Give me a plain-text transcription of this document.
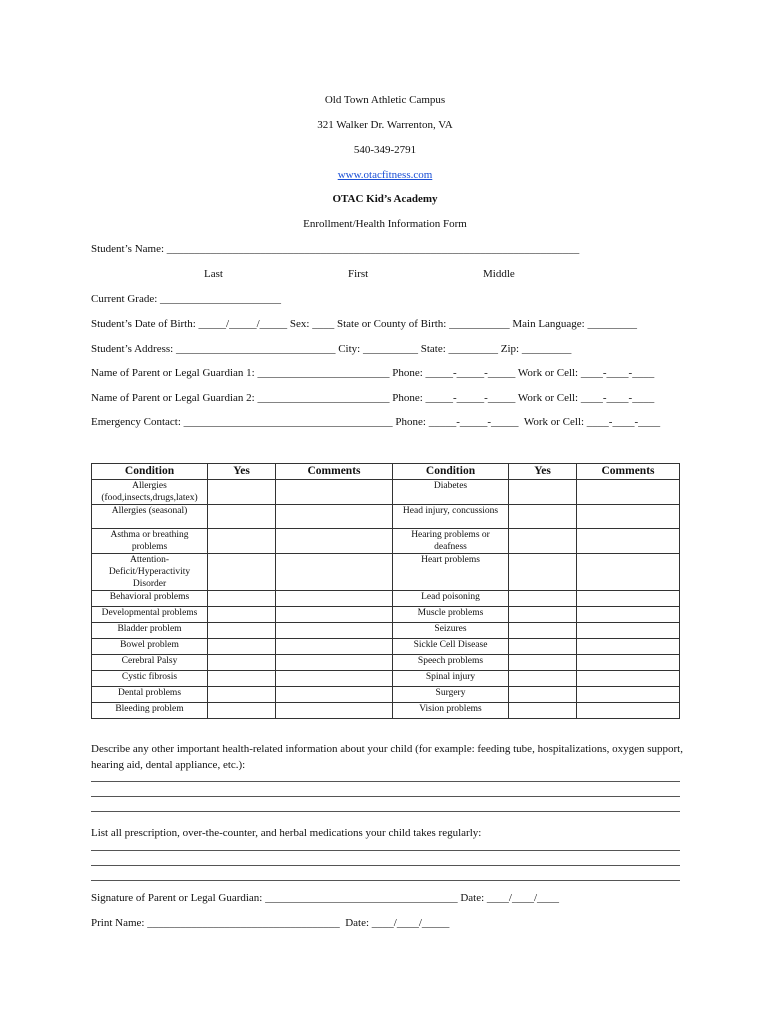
Old Town Athletic Campus
321 Walker Dr. Warrenton, VA
540-349-2791
www.otacfitness.com
OTAC Kid’s Academy
Enrollment/Health Information Form
Student’s Name: ___________________________________________________________________________
Last	First	Middle
Current Grade: ______________________
Student’s Date of Birth: _____/_____/_____ Sex: ____ State or County of Birth: ___________ Main Language: _________
Student’s Address: _____________________________ City: __________ State: _________ Zip: _________
Name of Parent or Legal Guardian 1: ________________________ Phone: _____-_____-_____ Work or Cell: ____-____-____
Name of Parent or Legal Guardian 2: ________________________ Phone: _____-_____-_____ Work or Cell: ____-____-____
Emergency Contact: ______________________________________ Phone: _____-_____-_____  Work or Cell: ____-____-____
Condition	Yes	Comments	Condition	Yes	Comments
Allergies (food,insects,drugs,latex)			Diabetes		
Allergies (seasonal)			Head injury, concussions		
Asthma or breathing problems			Hearing problems or deafness		
Attention-Deficit/Hyperactivity Disorder			Heart problems		
Behavioral problems			Lead poisoning		
Developmental problems			Muscle problems		
Bladder problem			Seizures		
Bowel problem			Sickle Cell Disease		
Cerebral Palsy			Speech problems		
Cystic fibrosis			Spinal injury		
Dental problems			Surgery		
Bleeding problem			Vision problems		
Describe any other important health-related information about your child (for example: feeding tube, hospitalizations, oxygen support, hearing aid, dental appliance, etc.):
List all prescription, over-the-counter, and herbal medications your child takes regularly:
Signature of Parent or Legal Guardian: ___________________________________ Date: ____/____/____
Print Name: ___________________________________  Date: ____/____/_____
